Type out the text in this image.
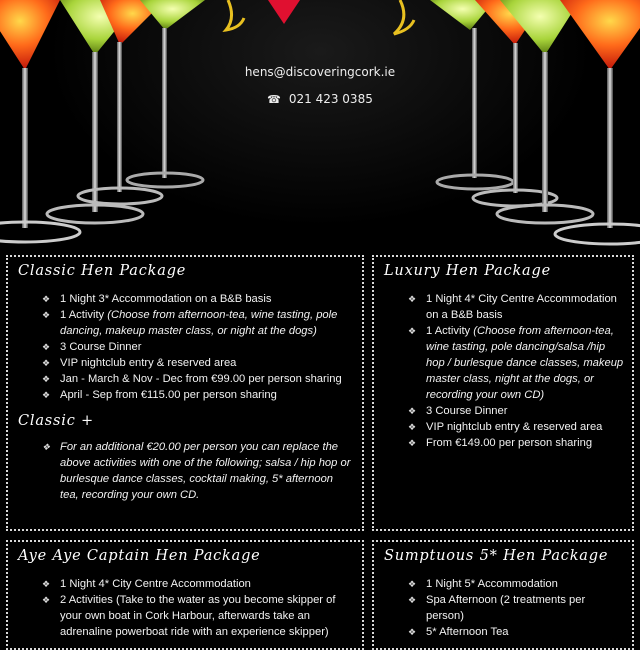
hens@discoveringcork.ie
☎ 021 423 0385
Classic Hen Package
❖ 1 Night 3* Accommodation on a B&B basis
❖ 1 Activity (Choose from afternoon-tea, wine tasting, pole dancing, makeup master class, or night at the dogs)
❖ 3 Course Dinner
❖ VIP nightclub entry & reserved area
❖ Jan - March & Nov - Dec from €99.00 per person sharing
❖ April - Sep from €115.00 per person sharing
Classic +
❖ For an additional €20.00 per person you can replace the above activities with one of the following; salsa / hip hop or burlesque dance classes, cocktail making, 5* afternoon tea, recording your own CD.
Luxury Hen Package
❖ 1 Night 4* City Centre Accommodation on a B&B basis
❖ 1 Activity (Choose from afternoon-tea, wine tasting, pole dancing/salsa /hip hop / burlesque dance classes, makeup master class, night at the dogs, or recording your own CD)
❖ 3 Course Dinner
❖ VIP nightclub entry & reserved area
❖ From €149.00 per person sharing
Aye Aye Captain Hen Package
❖ 1 Night 4* City Centre Accommodation
❖ 2 Activities (Take to the water as you become skipper of your own boat in Cork Harbour, afterwards take an adrenaline powerboat ride with an experience skipper)
Sumptuous 5* Hen Package
❖ 1 Night 5* Accommodation
❖ Spa Afternoon (2 treatments per person)
❖ 5* Afternoon Tea
